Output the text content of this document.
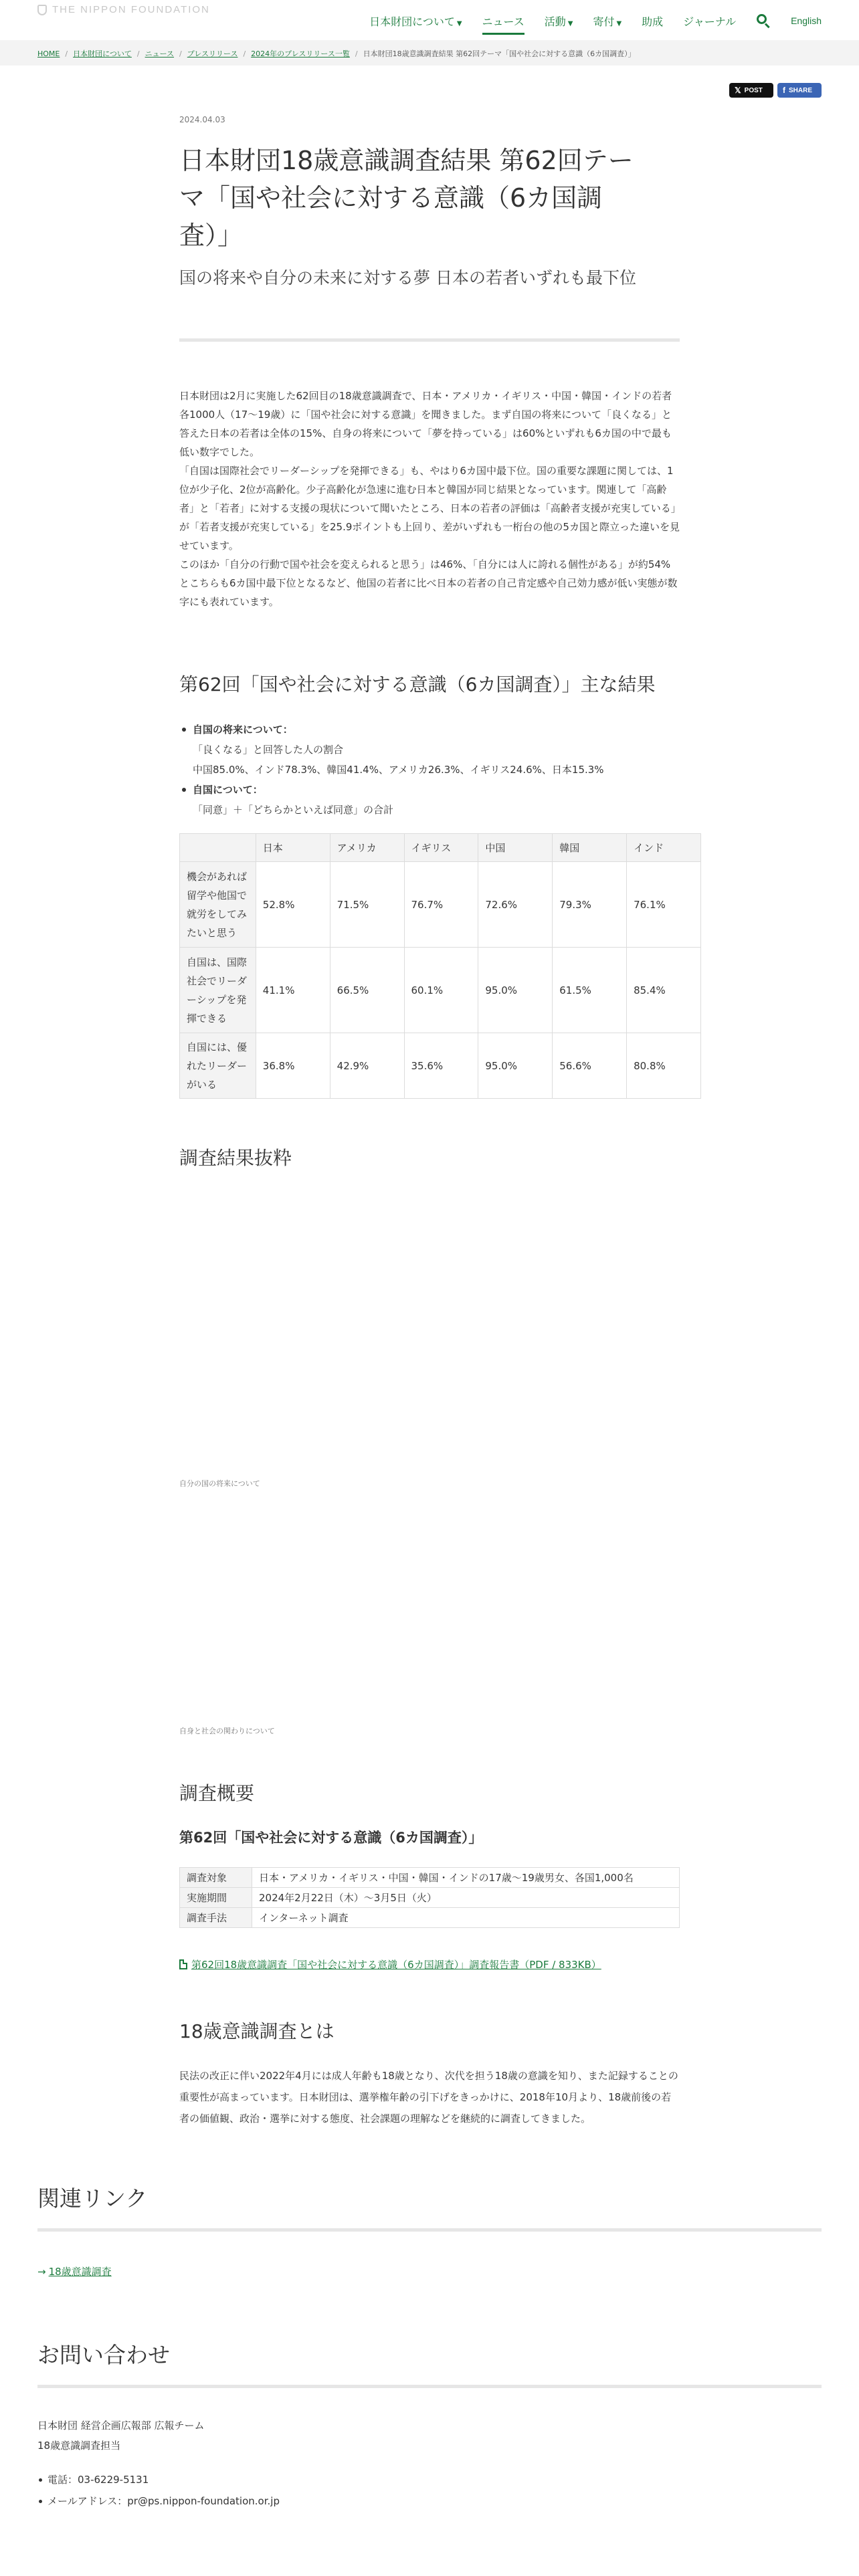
THE NIPPON FOUNDATION
日本財団について ▼ ニュース 活動 ▼ 寄付 ▼ 助成 ジャーナル	English
HOME / 日本財団について / ニュース / プレスリリース / 2024年のプレスリリース一覧 / 日本財団18歳意識調査結果 第62回テーマ「国や社会に対する意識（6カ国調査）」
𝕏 POST	f SHARE
2024.04.03
日本財団18歳意識調査結果 第62回テーマ「国や社会に対する意識（6カ国調査）」
国の将来や自分の未来に対する夢 日本の若者いずれも最下位

日本財団は2月に実施した62回目の18歳意識調査で、日本・アメリカ・イギリス・中国・韓国・インドの若者各1000人（17〜19歳）に「国や社会に対する意識」を聞きました。まず自国の将来について「良くなる」と答えた日本の若者は全体の15%、自身の将来について「夢を持っている」は60%といずれも6カ国の中で最も低い数字でした。

「自国は国際社会でリーダーシップを発揮できる」も、やはり6カ国中最下位。国の重要な課題に関しては、1位が少子化、2位が高齢化。少子高齢化が急速に進む日本と韓国が同じ結果となっています。関連して「高齢者」と「若者」に対する支援の現状について聞いたところ、日本の若者の評価は「高齢者支援が充実している」が「若者支援が充実している」を25.9ポイントも上回り、差がいずれも一桁台の他の5カ国と際立った違いを見せています。

このほか「自分の行動で国や社会を変えられると思う」は46%、「自分には人に誇れる個性がある」が約54%とこちらも6カ国中最下位となるなど、他国の若者に比べ日本の若者の自己肯定感や自己効力感が低い実態が数字にも表れています。

第62回「国や社会に対する意識（6カ国調査）」主な結果
自国の将来について：
「良くなる」と回答した人の割合
中国85.0%、インド78.3%、韓国41.4%、アメリカ26.3%、イギリス24.6%、日本15.3%
自国について：
「同意」＋「どちらかといえば同意」の合計
	日本	アメリカ	イギリス	中国	韓国	インド
機会があれば留学や他国で就労をしてみたいと思う	52.8%	71.5%	76.7%	72.6%	79.3%	76.1%
自国は、国際社会でリーダーシップを発揮できる	41.1%	66.5%	60.1%	95.0%	61.5%	85.4%
自国には、優れたリーダーがいる	36.8%	42.9%	35.6%	95.0%	56.6%	80.8%
調査結果抜粋
自分の国の将来について
自身と社会の関わりについて
調査概要
第62回「国や社会に対する意識（6カ国調査）」
調査対象	日本・アメリカ・イギリス・中国・韓国・インドの17歳〜19歳男女、各国1,000名
実施期間	2024年2月22日（木）〜3月5日（火）
調査手法	インターネット調査
第62回18歳意識調査「国や社会に対する意識（6カ国調査）」調査報告書（PDF / 833KB）
18歳意識調査とは
民法の改正に伴い2022年4月には成人年齢も18歳となり、次代を担う18歳の意識を知り、また記録することの重要性が高まっています。日本財団は、選挙権年齢の引下げをきっかけに、2018年10月より、18歳前後の若者の価値観、政治・選挙に対する態度、社会課題の理解などを継続的に調査してきました。
関連リンク
→ 18歳意識調査
お問い合わせ
日本財団 経営企画広報部 広報チーム
18歳意識調査担当
電話：03-6229-5131
メールアドレス：pr@ps.nippon-foundation.or.jp
